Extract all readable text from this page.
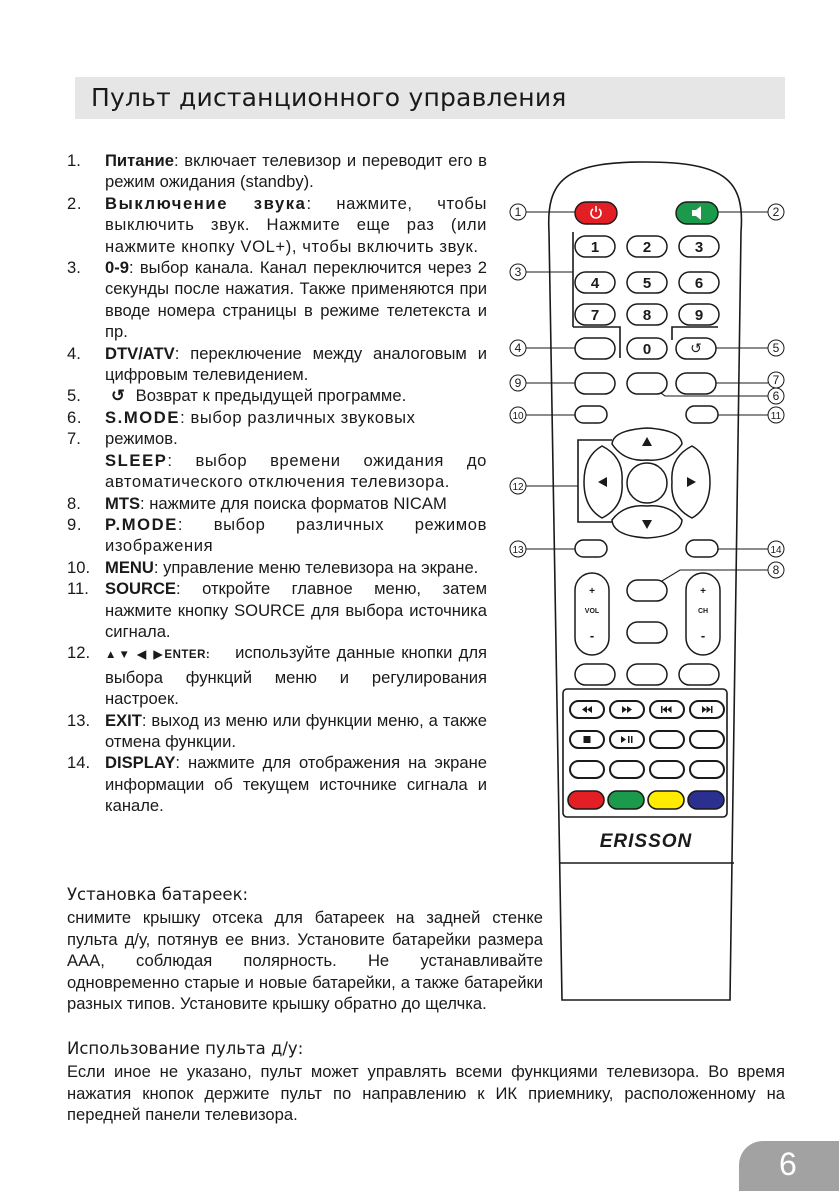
Пульт дистанционного управления
1.	Питание: включает телевизор и переводит его в режим ожидания (standby).
2.	Выключение звука: нажмите, чтобы выключить звук. Нажмите еще раз (или нажмите кнопку VOL+), чтобы включить звук.
3.	0-9: выбор канала. Канал переключится через 2 секунды после нажатия. Также применяются при вводе номера страницы в режиме телетекста и пр.
4.	DTV/ATV: переключение между аналоговым и цифровым телевидением.
5.	↺ Возврат к предыдущей программе.
6.	S.MODE: выбор различных звуковых
7.	режимов.
SLEEP: выбор времени ожидания до автоматического отключения телевизора.
8.	MTS: нажмите для поиска форматов NICAM
9.	P.MODE: выбор различных режимов изображения
10. MENU: управление меню телевизора на экране.
11. SOURCE: откройте главное меню, затем нажмите кнопку SOURCE для выбора источника сигнала.
12.	▲▼ ◀ ▶ENTER: используйте данные кнопки для выбора функций меню и регулирования настроек.
13. EXIT: выход из меню или функции меню, а также отмена функции.
14. DISPLAY: нажмите для отображения на экране информации об текущем источнике сигнала и канале.
Установка батареек:
снимите крышку отсека для батареек на задней стенке пульта д/у, потянув ее вниз. Установите батарейки размера ААА, соблюдая полярность. Не устанавливайте одновременно старые и новые батарейки, а также батарейки разных типов. Установите крышку обратно до щелчка.
Использование пульта д/у:
Если иное не указано, пульт может управлять всеми функциями телевизора. Во время нажатия кнопок держите пульт по направлению к ИК приемнику, расположенному на передней панели телевизора.
6
1	2
3
4	5
6
7
8
9
10	11
12
13	14
1	2	3
4	5	6
7	8	9
0	↺
+
VOL
-
+
CH
-
ERISSON
